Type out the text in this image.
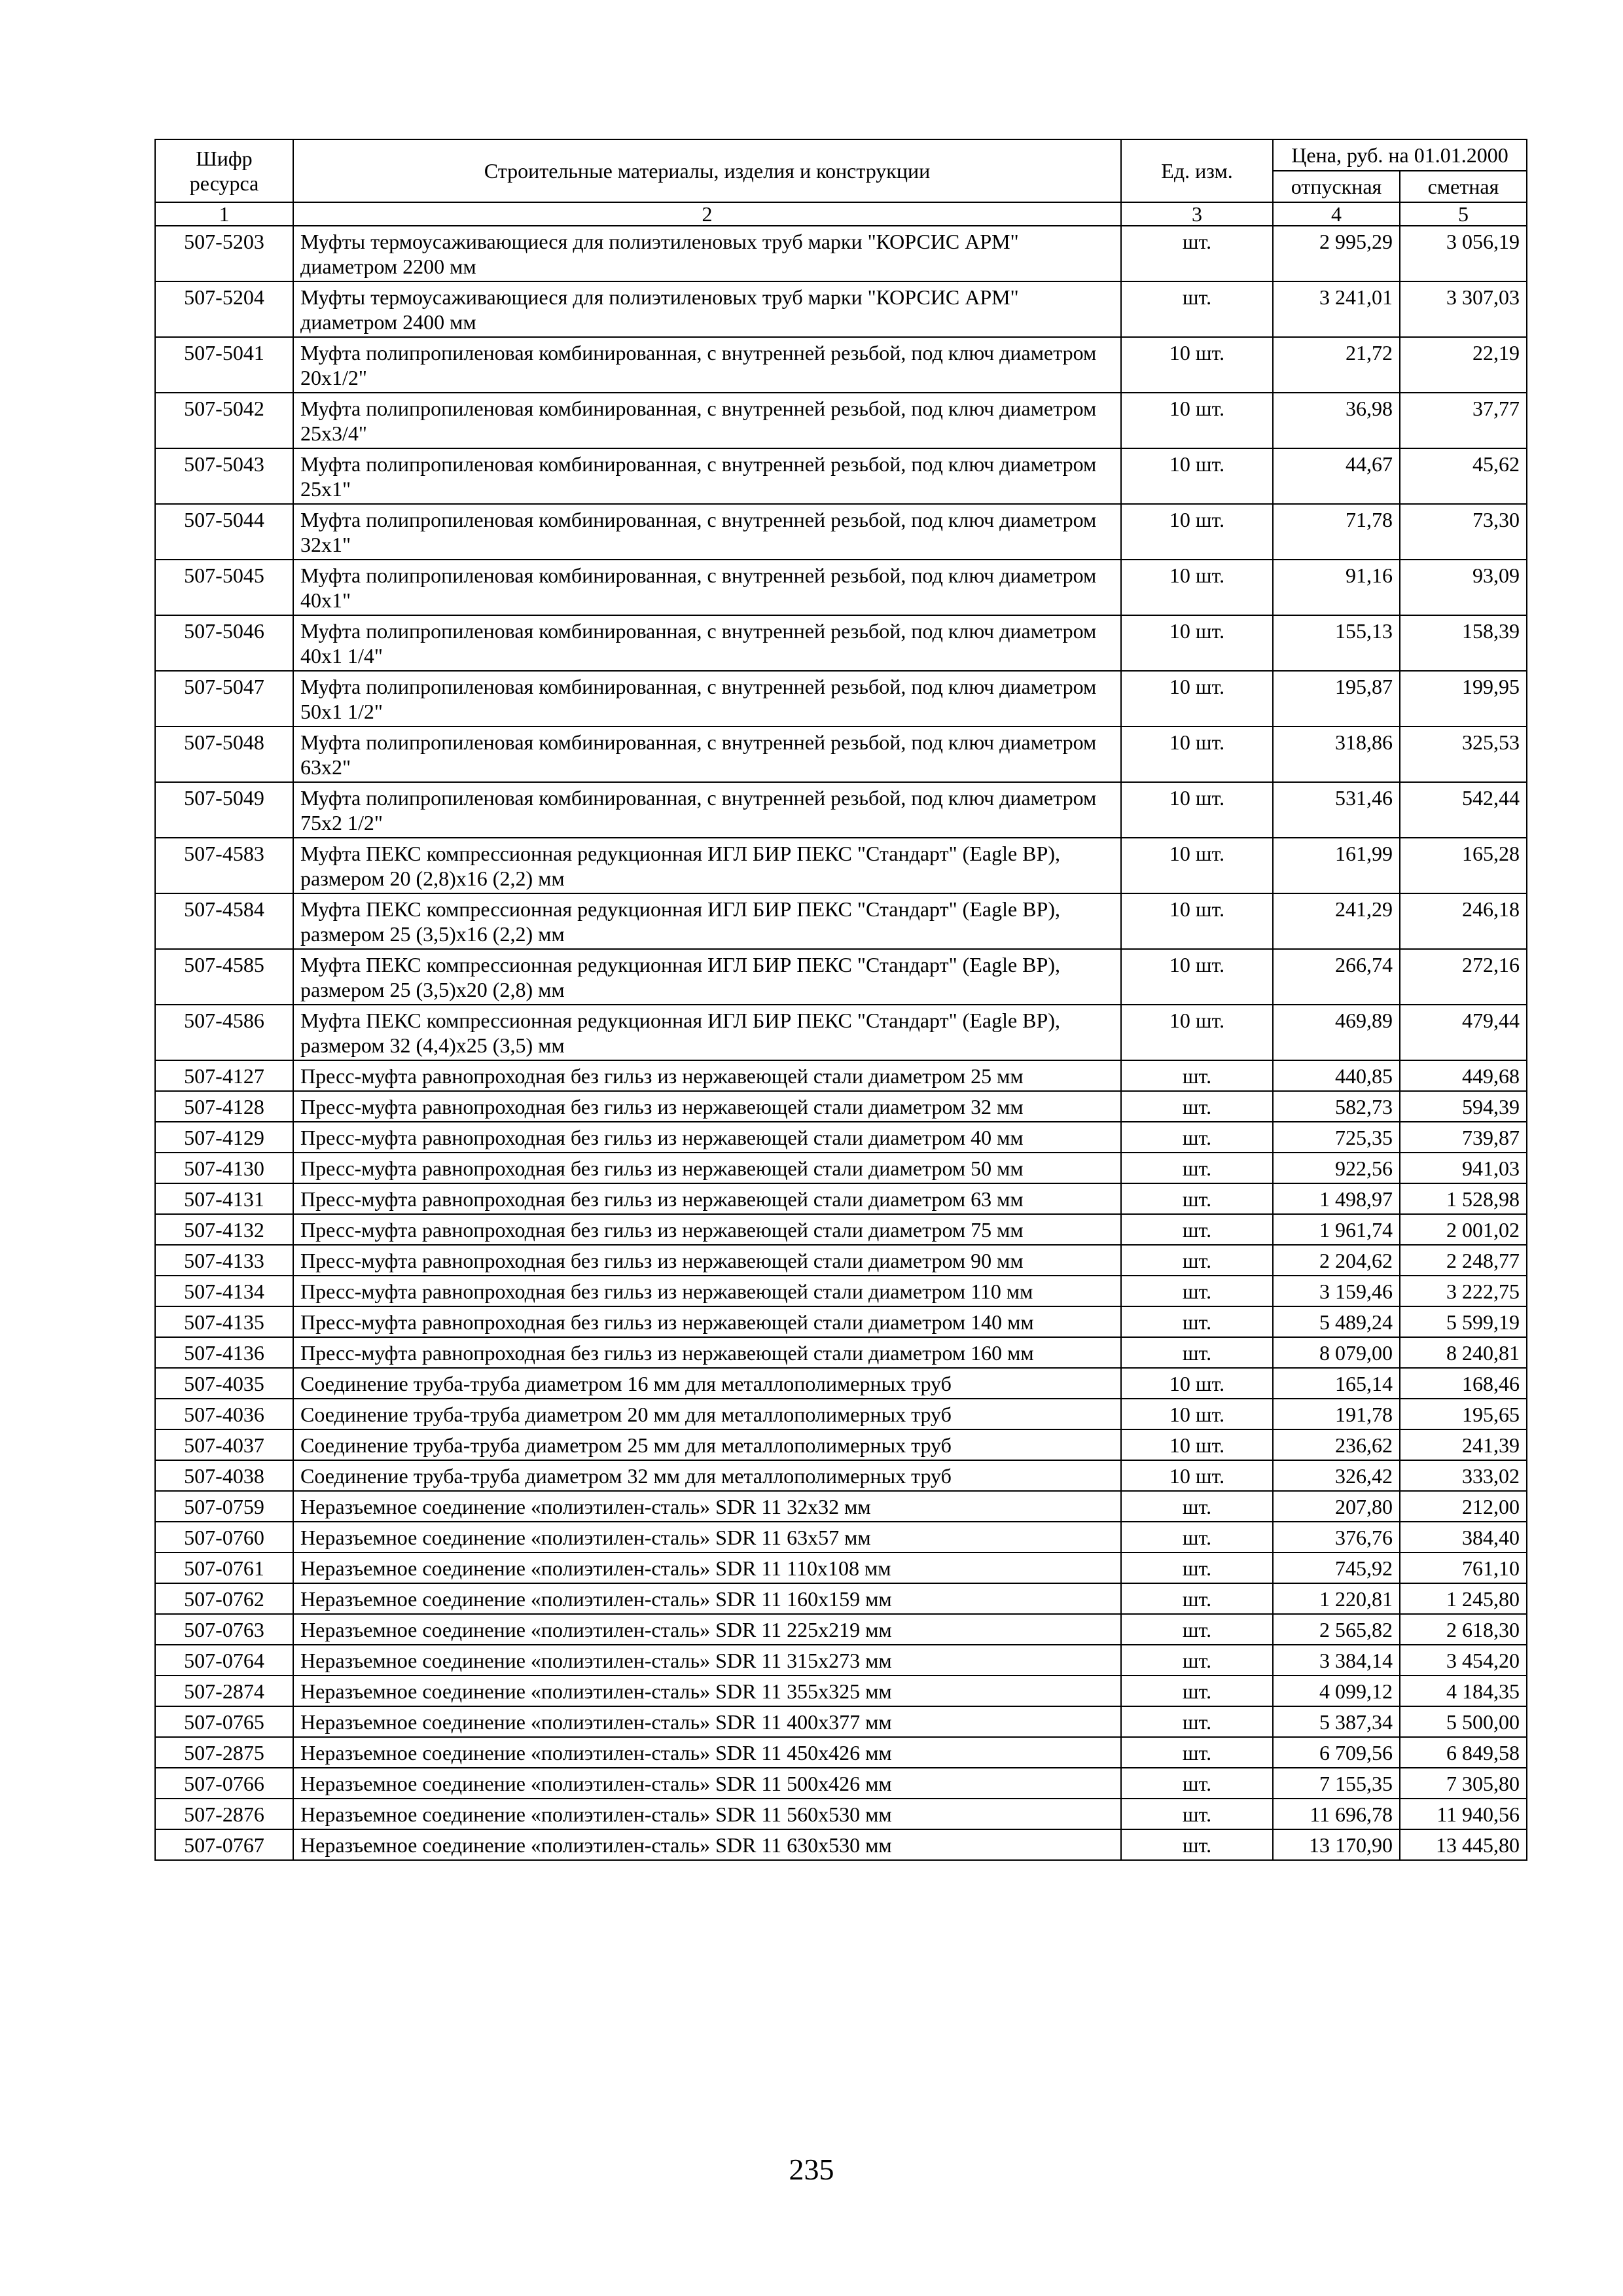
Шифр ресурса	Строительные материалы, изделия и конструкции	Ед. изм.	Цена, руб. на 01.01.2000	
			отпускная	сметная
1	2	3	4	5
507-5203	Муфты термоусаживающиеся для полиэтиленовых труб марки "КОРСИС АРМ" диаметром 2200 мм	шт.	2 995,29	3 056,19
507-5204	Муфты термоусаживающиеся для полиэтиленовых труб марки "КОРСИС АРМ" диаметром 2400 мм	шт.	3 241,01	3 307,03
507-5041	Муфта полипропиленовая комбинированная, с внутренней резьбой, под ключ диаметром 20х1/2"	10 шт.	21,72	22,19
507-5042	Муфта полипропиленовая комбинированная, с внутренней резьбой, под ключ диаметром 25х3/4"	10 шт.	36,98	37,77
507-5043	Муфта полипропиленовая комбинированная, с внутренней резьбой, под ключ диаметром 25х1"	10 шт.	44,67	45,62
507-5044	Муфта полипропиленовая комбинированная, с внутренней резьбой, под ключ диаметром 32х1"	10 шт.	71,78	73,30
507-5045	Муфта полипропиленовая комбинированная, с внутренней резьбой, под ключ диаметром 40х1"	10 шт.	91,16	93,09
507-5046	Муфта полипропиленовая комбинированная, с внутренней резьбой, под ключ диаметром 40х1 1/4"	10 шт.	155,13	158,39
507-5047	Муфта полипропиленовая комбинированная, с внутренней резьбой, под ключ диаметром 50х1 1/2"	10 шт.	195,87	199,95
507-5048	Муфта полипропиленовая комбинированная, с внутренней резьбой, под ключ диаметром 63х2"	10 шт.	318,86	325,53
507-5049	Муфта полипропиленовая комбинированная, с внутренней резьбой, под ключ диаметром 75х2 1/2"	10 шт.	531,46	542,44
507-4583	Муфта ПЕКС компрессионная редукционная ИГЛ БИР ПЕКС "Стандарт" (Eagle BP), размером 20 (2,8)х16 (2,2) мм	10 шт.	161,99	165,28
507-4584	Муфта ПЕКС компрессионная редукционная ИГЛ БИР ПЕКС "Стандарт" (Eagle BP), размером 25 (3,5)х16 (2,2) мм	10 шт.	241,29	246,18
507-4585	Муфта ПЕКС компрессионная редукционная ИГЛ БИР ПЕКС "Стандарт" (Eagle BP), размером 25 (3,5)х20 (2,8) мм	10 шт.	266,74	272,16
507-4586	Муфта ПЕКС компрессионная редукционная ИГЛ БИР ПЕКС "Стандарт" (Eagle BP), размером 32 (4,4)х25 (3,5) мм	10 шт.	469,89	479,44
507-4127	Пресс-муфта равнопроходная без гильз из нержавеющей стали диаметром 25 мм	шт.	440,85	449,68
507-4128	Пресс-муфта равнопроходная без гильз из нержавеющей стали диаметром 32 мм	шт.	582,73	594,39
507-4129	Пресс-муфта равнопроходная без гильз из нержавеющей стали диаметром 40 мм	шт.	725,35	739,87
507-4130	Пресс-муфта равнопроходная без гильз из нержавеющей стали диаметром 50 мм	шт.	922,56	941,03
507-4131	Пресс-муфта равнопроходная без гильз из нержавеющей стали диаметром 63 мм	шт.	1 498,97	1 528,98
507-4132	Пресс-муфта равнопроходная без гильз из нержавеющей стали диаметром 75 мм	шт.	1 961,74	2 001,02
507-4133	Пресс-муфта равнопроходная без гильз из нержавеющей стали диаметром 90 мм	шт.	2 204,62	2 248,77
507-4134	Пресс-муфта равнопроходная без гильз из нержавеющей стали диаметром 110 мм	шт.	3 159,46	3 222,75
507-4135	Пресс-муфта равнопроходная без гильз из нержавеющей стали диаметром 140 мм	шт.	5 489,24	5 599,19
507-4136	Пресс-муфта равнопроходная без гильз из нержавеющей стали диаметром 160 мм	шт.	8 079,00	8 240,81
507-4035	Соединение труба-труба диаметром 16 мм для металлополимерных труб	10 шт.	165,14	168,46
507-4036	Соединение труба-труба диаметром 20 мм для металлополимерных труб	10 шт.	191,78	195,65
507-4037	Соединение труба-труба диаметром 25 мм для металлополимерных труб	10 шт.	236,62	241,39
507-4038	Соединение труба-труба диаметром 32 мм для металлополимерных труб	10 шт.	326,42	333,02
507-0759	Неразъемное соединение «полиэтилен-сталь» SDR 11 32х32 мм	шт.	207,80	212,00
507-0760	Неразъемное соединение «полиэтилен-сталь» SDR 11 63х57 мм	шт.	376,76	384,40
507-0761	Неразъемное соединение «полиэтилен-сталь» SDR 11 110х108 мм	шт.	745,92	761,10
507-0762	Неразъемное соединение «полиэтилен-сталь» SDR 11 160х159 мм	шт.	1 220,81	1 245,80
507-0763	Неразъемное соединение «полиэтилен-сталь» SDR 11 225х219 мм	шт.	2 565,82	2 618,30
507-0764	Неразъемное соединение «полиэтилен-сталь» SDR 11 315х273 мм	шт.	3 384,14	3 454,20
507-2874	Неразъемное соединение «полиэтилен-сталь» SDR 11 355х325 мм	шт.	4 099,12	4 184,35
507-0765	Неразъемное соединение «полиэтилен-сталь» SDR 11 400х377 мм	шт.	5 387,34	5 500,00
507-2875	Неразъемное соединение «полиэтилен-сталь» SDR 11 450х426 мм	шт.	6 709,56	6 849,58
507-0766	Неразъемное соединение «полиэтилен-сталь» SDR 11 500х426 мм	шт.	7 155,35	7 305,80
507-2876	Неразъемное соединение «полиэтилен-сталь» SDR 11 560х530 мм	шт.	11 696,78	11 940,56
507-0767	Неразъемное соединение «полиэтилен-сталь» SDR 11 630х530 мм	шт.	13 170,90	13 445,80
235
